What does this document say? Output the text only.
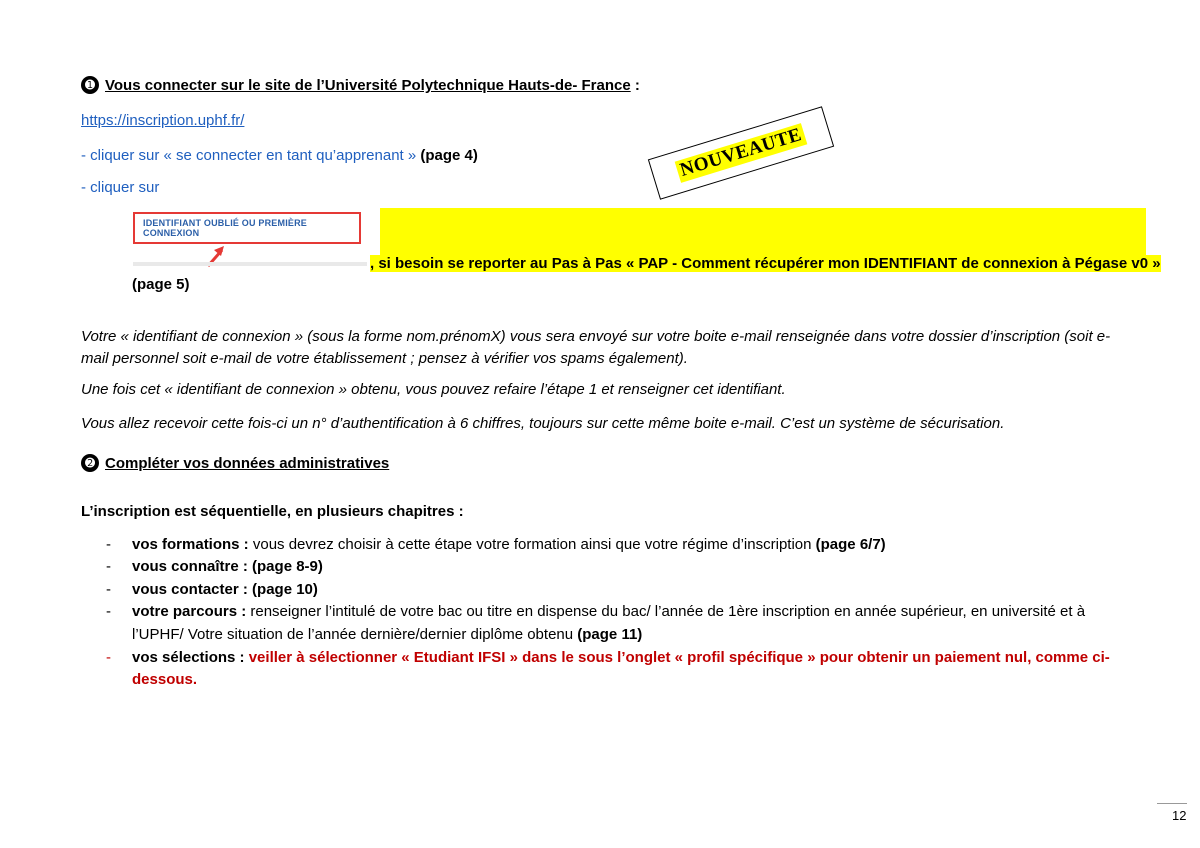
➊ Vous connecter sur le site de l’Université Polytechnique Hauts-de- France :
https://inscription.uphf.fr/
- cliquer sur « se connecter en tant qu’apprenant » (page 4)
- cliquer sur
NOUVEAUTE
IDENTIFIANT OUBLIÉ OU PREMIÈRE CONNEXION
, si besoin se reporter au Pas à Pas « PAP - Comment récupérer mon IDENTIFIANT de connexion à Pégase v0 »
(page 5)
Votre « identifiant de connexion » (sous la forme nom.prénomX) vous sera envoyé sur votre boite e-mail renseignée dans votre dossier d’inscription (soit e-
mail personnel soit e-mail de votre établissement ; pensez à vérifier vos spams également).
Une fois cet « identifiant de connexion » obtenu, vous pouvez refaire l’étape 1 et renseigner cet identifiant.
Vous allez recevoir cette fois-ci un n° d’authentification à 6 chiffres, toujours sur cette même boite e-mail. C’est un système de sécurisation.
➋ Compléter vos données administratives
L’inscription est séquentielle, en plusieurs chapitres :
- vos formations : vous devrez choisir à cette étape votre formation ainsi que votre régime d’inscription (page 6/7)
- vous connaître : (page 8-9)
- vous contacter : (page 10)
- votre parcours : renseigner l’intitulé de votre bac ou titre en dispense du bac/ l’année de 1ère inscription en année supérieur, en université et à
l’UPHF/ Votre situation de l’année dernière/dernier diplôme obtenu (page 11)
- vos sélections : veiller à sélectionner « Etudiant IFSI » dans le sous l’onglet « profil spécifique » pour obtenir un paiement nul, comme ci-
dessous.
12
